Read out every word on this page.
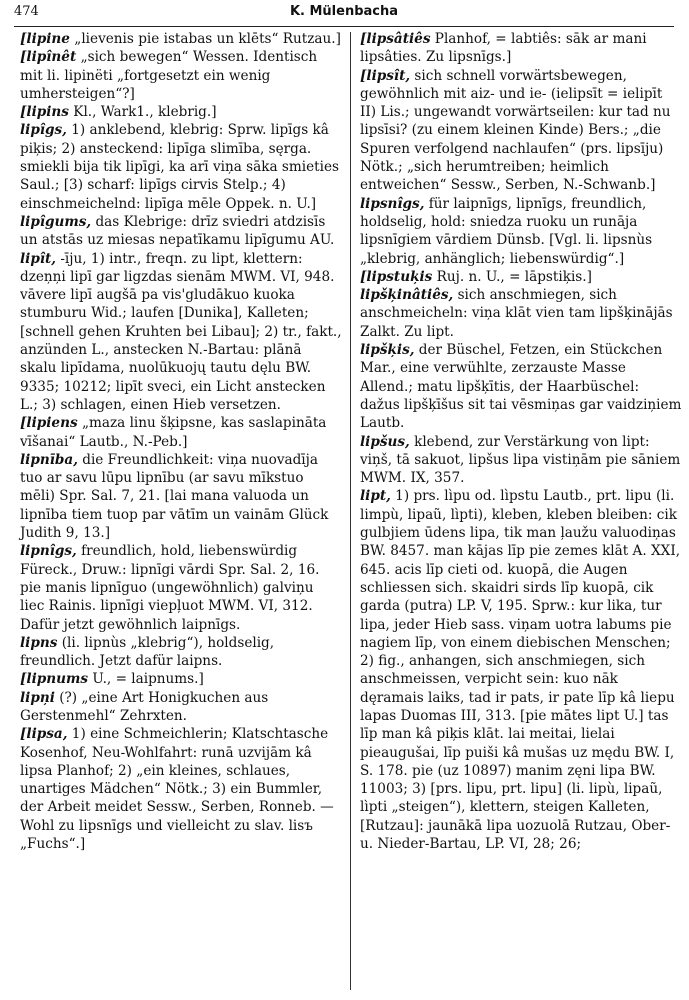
474	K. Mülenbacha

[lipine „lievenis pie istabas un klēts“ Rutzau.]

[lipînêt „sich bewegen“ Wessen. Identisch mit li. lipinëti „fortgesetzt ein wenig umhersteigen“?]

[lipins Kl., Wark1., klebrig.]

lipîgs, 1) anklebend, klebrig: Sprw. lipīgs kâ piķis; 2) ansteckend: lipīga slimība, sęrga. smiekli bija tik lipīgi, ka arī viņa sāka smieties Saul.; [3) scharf: lipīgs cirvis Stelp.; 4) einschmeichelnd: lipīga mēle Oppek. n. U.]

lipîgums, das Klebrige: drīz sviedri atdzisīs un atstās uz miesas nepatīkamu lipīgumu AU.

lipît, -īju, 1) intr., freqn. zu lipt, klettern: dzeņņi lipī gar ligzdas sienām MWM. VI, 948. vāvere lipī augšā pa vis'gludākuo kuoka stumburu Wid.; laufen [Dunika], Kalleten; [schnell gehen Kruhten bei Libau]; 2) tr., fakt., anzünden L., anstecken N.-Bartau: plānā skalu lipīdama, nuolūkuojų tautu dęlu BW. 9335; 10212; lipīt sveci, ein Licht anstecken L.; 3) schlagen, einen Hieb versetzen.

[lipiens „maza linu šķipsne, kas saslapināta vīšanai“ Lautb., N.-Peb.]

lipnība, die Freundlichkeit: viņa nuovadīja tuo ar savu lūpu lipnību (ar savu mīkstuo mēli) Spr. Sal. 7, 21. [lai mana valuoda un lipnība tiem tuop par vātīm un vainām Glück Judith 9, 13.]

lipnîgs, freundlich, hold, liebenswürdig Füreck., Druw.: lipnīgi vārdi Spr. Sal. 2, 16. pie manis lipnīguo (ungewöhnlich) galviņu liec Rainis. lipnīgi viepļuot MWM. VI, 312. Dafür jetzt gewöhnlich laipnīgs.

lipns (li. lipnùs „klebrig“), holdselig, freundlich. Jetzt dafür laipns.

[lipnums U., = laipnums.]

lipņi (?) „eine Art Honigkuchen aus Gerstenmehl“ Zehrxten.

[lipsa, 1) eine Schmeichlerin; Klatschtasche Kosenhof, Neu-Wohlfahrt: runā uzvijām kâ lipsa Planhof; 2) „ein kleines, schlaues, unartiges Mädchen“ Nötk.; 3) ein Bummler, der Arbeit meidet Sessw., Serben, Ronneb. — Wohl zu lipsnīgs und vielleicht zu slav. lisъ „Fuchs“.]

[lipsâtiês Planhof, = labtiês: sāk ar mani lipsâties. Zu lipsnīgs.]

[lipsît, sich schnell vorwärtsbewegen, gewöhnlich mit aiz- und ie- (ielipsīt = ielipīt II) Lis.; ungewandt vorwärtseilen: kur tad nu lipsīsi? (zu einem kleinen Kinde) Bers.; „die Spuren verfolgend nachlaufen“ (prs. lipsīju) Nötk.; „sich herumtreiben; heimlich entweichen“ Sessw., Serben, N.-Schwanb.]

lipsnîgs, für laipnīgs, lipnīgs, freundlich, holdselig, hold: sniedza ruoku un runāja lipsnīgiem vārdiem Dünsb. [Vgl. li. lipsnùs „klebrig, anhänglich; liebenswürdig“.]

[lipstuķis Ruj. n. U., = lāpstiķis.]

lipšķinâtiês, sich anschmiegen, sich anschmeicheln: viņa klāt vien tam lipšķinājās Zalkt. Zu lipt.

lipšķis, der Büschel, Fetzen, ein Stückchen Mar., eine verwühlte, zerzauste Masse Allend.; matu lipšķītis, der Haarbüschel: dažus lipšķīšus sit tai vēsmiņas gar vaidziņiem Lautb.

lipšus, klebend, zur Verstärkung von lipt: viņš, tā sakuot, lipšus lipa vistiņām pie sāniem MWM. IX, 357.

lipt, 1) prs. lìpu od. lìpstu Lautb., prt. lipu (li. limpù, lipaũ, lìpti), kleben, kleben bleiben: cik gulbjiem ūdens lipa, tik man ļaužu valuodiņas BW. 8457. man kājas līp pie zemes klāt A. XXI, 645. acis līp cieti od. kuopā, die Augen schliessen sich. skaidri sirds līp kuopā, cik garda (putra) LP. V, 195. Sprw.: kur lika, tur lipa, jeder Hieb sass. viņam uotra labums pie nagiem līp, von einem diebischen Menschen; 2) fig., anhangen, sich anschmiegen, sich anschmeissen, verpicht sein: kuo nāk dęramais laiks, tad ir pats, ir pate līp kâ liepu lapas Duomas III, 313. [pie mātes lipt U.] tas līp man kâ piķis klāt. lai meitai, lielai pieaugušai, līp puiši kâ mušas uz mędu BW. I, S. 178. pie (uz 10897) manim zęni lipa BW. 11003; 3) [prs. lipu, prt. lipu] (li. lipù, lipaũ, lìpti „steigen“), klettern, steigen Kalleten, [Rutzau]: jaunākā lipa uozuolā Rutzau, Ober- u. Nieder-Bartau, LP. VI, 28; 26;
